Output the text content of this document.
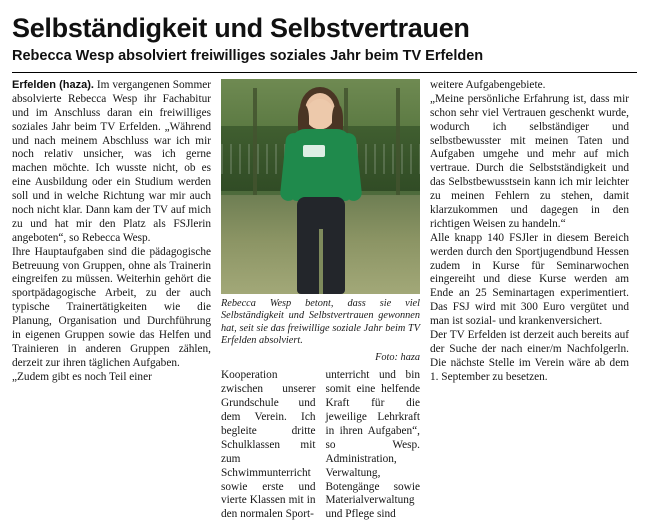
Selbständigkeit und Selbstvertrauen
Rebecca Wesp absolviert freiwilliges soziales Jahr beim TV Erfelden

Erfelden (haza). Im vergangenen Sommer absolvierte Rebecca Wesp ihr Fachabitur und im Anschluss daran ein freiwilliges soziales Jahr beim TV Erfelden. „Während und nach meinem Abschluss war ich mir noch relativ unsicher, was ich gerne machen möchte. Ich wusste nicht, ob es eine Ausbildung oder ein Studium werden soll und in welche Richtung war mir auch noch nicht klar. Dann kam der TV auf mich zu und hat mir den Platz als FSJlerin angeboten“, so Rebecca Wesp.

Ihre Hauptaufgaben sind die pädagogische Betreuung von Gruppen, ohne als Trainerin eingreifen zu müssen. Weiterhin gehört die sportpädagogische Arbeit, zu der auch typische Trainertätigkeiten wie die Planung, Organisation und Durchführung in eigenen Gruppen sowie das Helfen und Trainieren in anderen Gruppen zählen, derzeit zur ihren täglichen Aufgaben.

„Zudem gibt es noch Teil einer

Rebecca Wesp betont, dass sie viel Selbständigkeit und Selbstvertrauen gewonnen hat, seit sie das freiwillige soziale Jahr beim TV Erfelden absolviert.
Foto: haza

Kooperation zwischen unserer Grundschule und dem Verein. Ich begleite dritte Schulklassen mit zum Schwimmunterricht sowie erste und vierte Klassen mit in den normalen Sport-

unterricht und bin somit eine helfende Kraft für die jeweilige Lehrkraft in ihren Aufgaben“, so Wesp. Administration, Verwaltung, Botengänge sowie Materialverwaltung und Pflege sind

weitere Aufgabengebiete.

„Meine persönliche Erfahrung ist, dass mir schon sehr viel Vertrauen geschenkt wurde, wodurch ich selbständiger und selbstbewusster mit meinen Taten und Aufgaben umgehe und mehr auf mich vertraue. Durch die Selbstständigkeit und das Selbstbewusstsein kann ich mir leichter zu meinen Fehlern zu stehen, damit klarzukommen und dagegen in den richtigen Weisen zu handeln.“

Alle knapp 140 FSJler in diesem Bereich werden durch den Sportjugendbund Hessen zudem in Kurse für Seminarwochen eingereiht und diese Kurse werden am Ende an 25 Seminartagen experimentiert. Das FSJ wird mit 300 Euro vergütet und man ist sozial- und krankenversichert.

Der TV Erfelden ist derzeit auch bereits auf der Suche der nach einer/m Nachfolgerln. Die nächste Stelle im Verein wäre ab dem 1. September zu besetzen.
